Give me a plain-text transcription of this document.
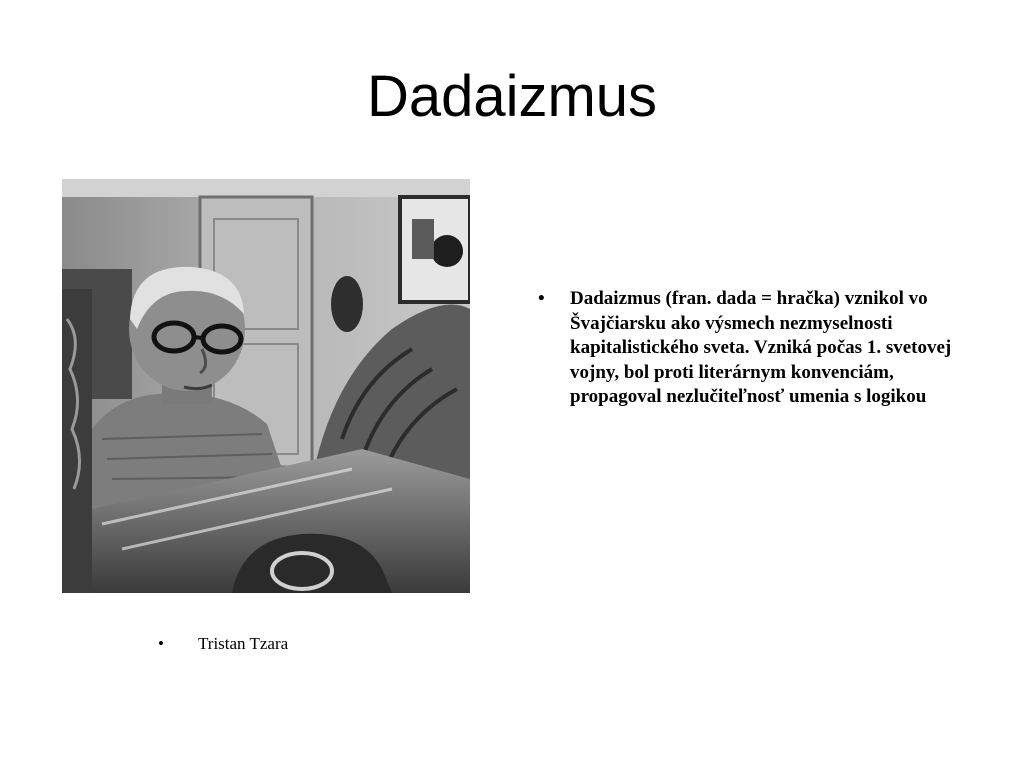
Dadaizmus
• Dadaizmus (fran. dada = hračka) vznikol vo Švajčiarsku ako výsmech nezmyselnosti kapitalistického sveta. Vzniká počas 1. svetovej vojny, bol proti literárnym konvenciám, propagoval nezlučiteľnosť umenia s logikou
• Tristan Tzara
